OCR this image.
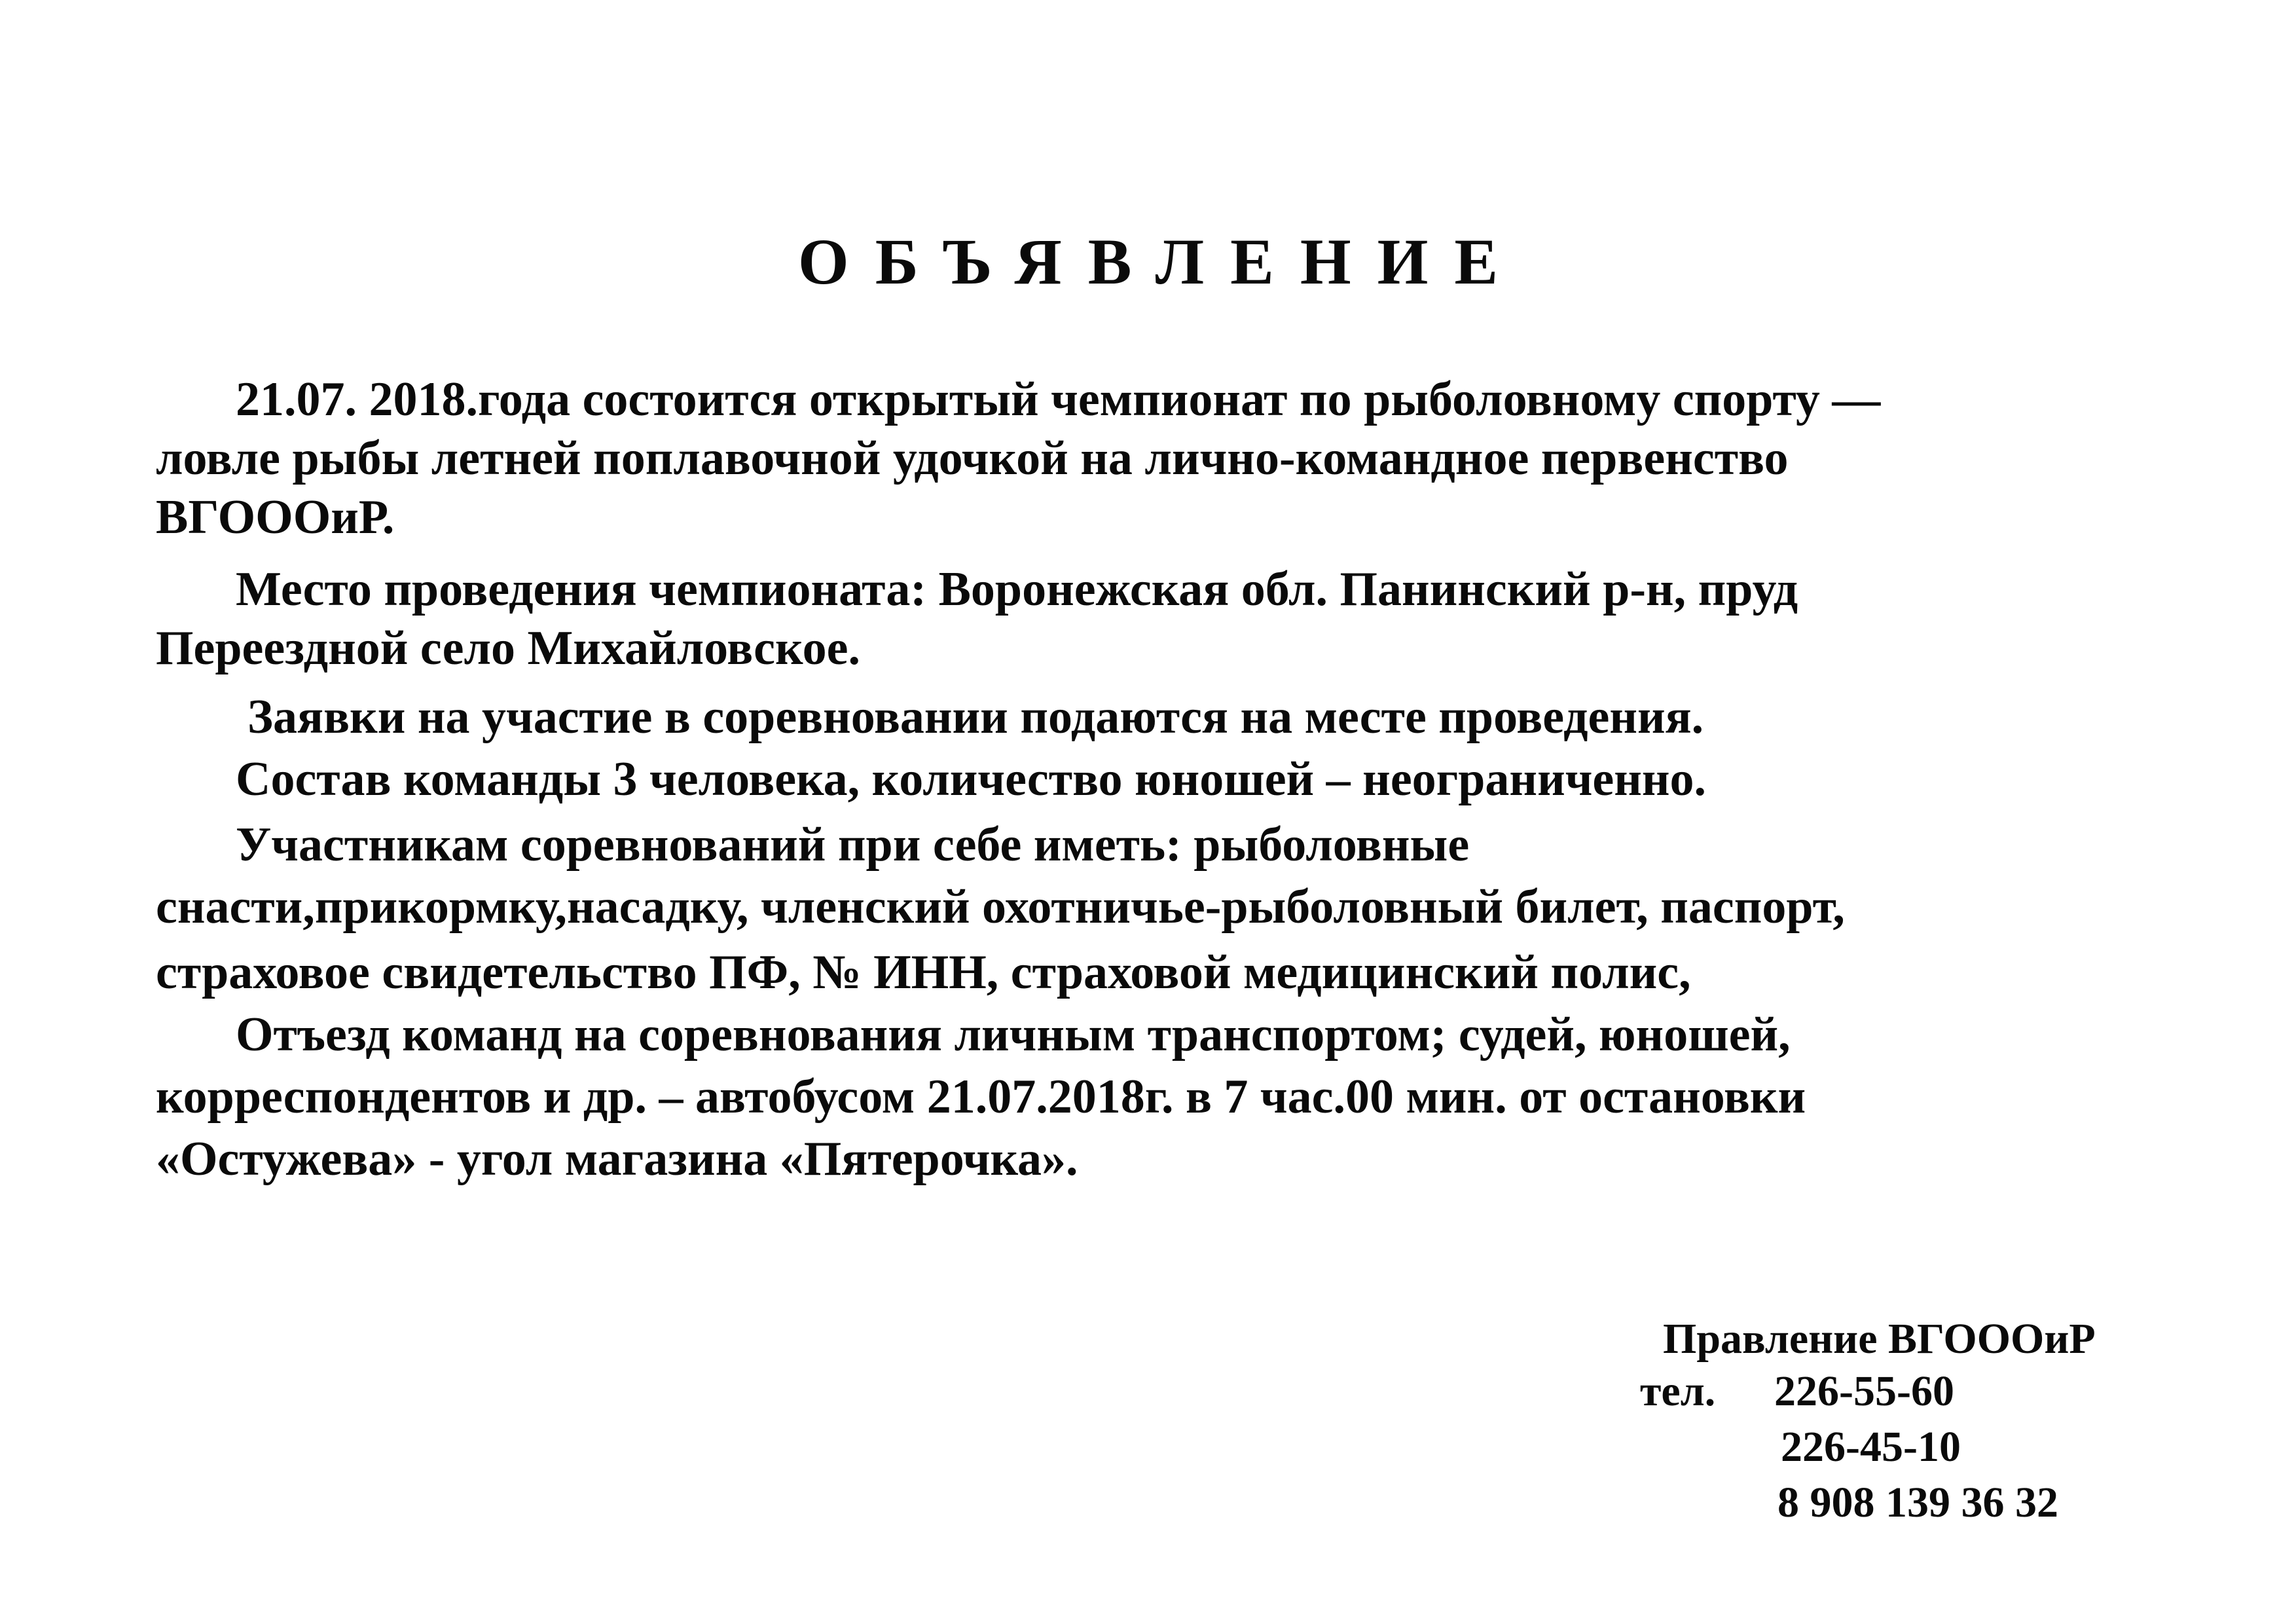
ОБЪЯВЛЕНИЕ
21.07. 2018.года состоится открытый чемпионат по рыболовному спорту —
ловле рыбы летней поплавочной удочкой на лично-командное первенство
ВГОООиР.
Место проведения чемпионата: Воронежская обл. Панинский р-н, пруд
Переездной село Михайловское.
Заявки на участие в соревновании подаются на месте проведения.
Состав команды 3 человека, количество юношей – неограниченно.
Участникам соревнований при себе иметь: рыболовные
снасти,прикормку,насадку, членский охотничье-рыболовный билет, паспорт,
страховое свидетельство ПФ, № ИНН, страховой медицинский полис,
Отъезд команд на соревнования личным транспортом; судей, юношей,
корреспондентов и др. – автобусом 21.07.2018г. в 7 час.00 мин. от остановки
«Остужева» - угол магазина «Пятерочка».
Правление ВГОООиР
тел. 226-55-60
226-45-10
8 908 139 36 32
